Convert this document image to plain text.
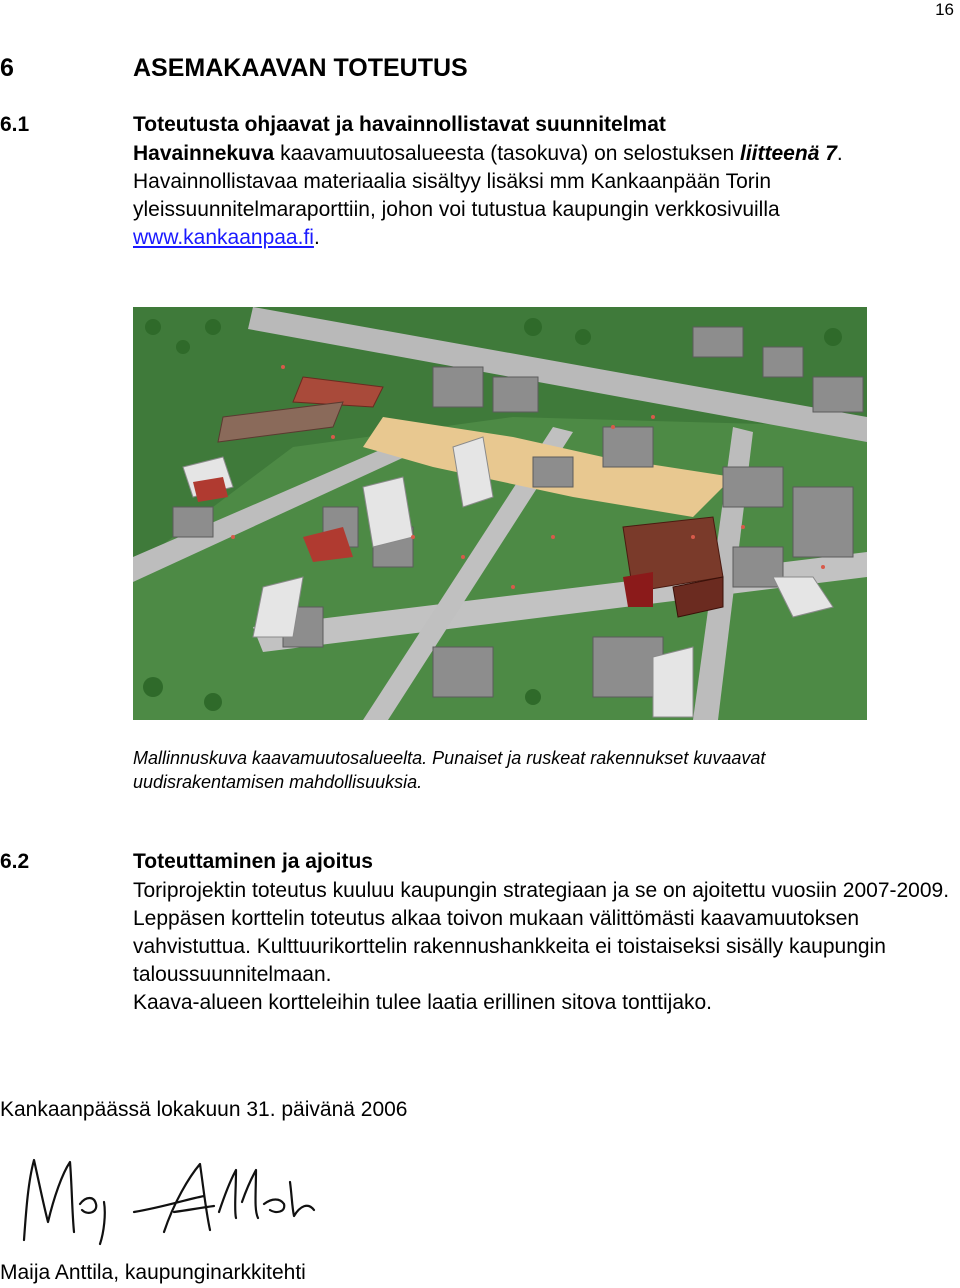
16
6	ASEMAKAAVAN TOTEUTUS
6.1	Toteutusta ohjaavat ja havainnollistavat suunnitelmat

Havainnekuva kaavamuutosalueesta (tasokuva) on selostuksen liitteenä 7.

Havainnollistavaa materiaalia sisältyy lisäksi mm Kankaanpään Torin yleissuunnitelmaraporttiin, johon voi tutustua kaupungin verkkosivuilla www.kankaanpaa.fi.

Mallinnuskuva kaavamuutosalueelta. Punaiset ja ruskeat rakennukset kuvaavat uudisrakentamisen mahdollisuuksia.
6.2	Toteuttaminen ja ajoitus

Toriprojektin toteutus kuuluu kaupungin strategiaan ja se on ajoitettu vuosiin 2007-2009. Leppäsen korttelin toteutus alkaa toivon mukaan välittömästi kaavamuutoksen vahvistuttua. Kulttuurikorttelin rakennushankkeita ei toistaiseksi sisälly kaupungin taloussuunnitelmaan.

Kaava-alueen kortteleihin tulee laatia erillinen sitova tonttijako.

Kankaanpäässä lokakuun 31. päivänä 2006
Maija Anttila, kaupunginarkkitehti
